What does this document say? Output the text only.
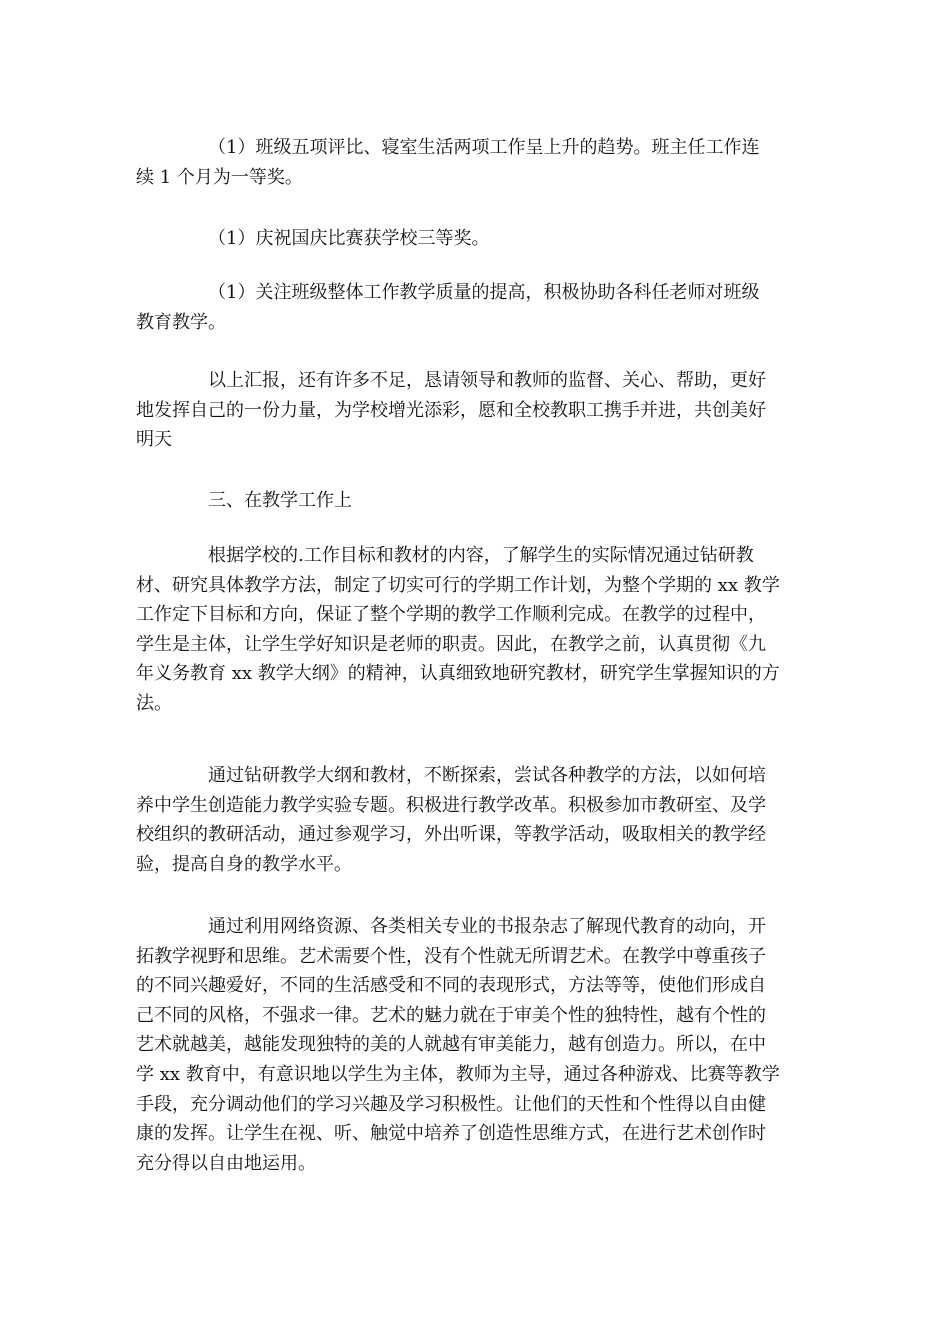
（1）班级五项评比、寝室生活两项工作呈上升的趋势。班主任工作连
续 1 个月为一等奖。
（1）庆祝国庆比赛获学校三等奖。
（1）关注班级整体工作教学质量的提高，积极协助各科任老师对班级
教育教学。
以上汇报，还有许多不足，恳请领导和教师的监督、关心、帮助，更好
地发挥自己的一份力量，为学校增光添彩，愿和全校教职工携手并进，共创美好
明天
三、在教学工作上
根据学校的.工作目标和教材的内容，了解学生的实际情况通过钻研教
材、研究具体教学方法，制定了切实可行的学期工作计划，为整个学期的 xx 教学
工作定下目标和方向，保证了整个学期的教学工作顺利完成。在教学的过程中，
学生是主体，让学生学好知识是老师的职责。因此，在教学之前，认真贯彻《九
年义务教育 xx 教学大纲》的精神，认真细致地研究教材，研究学生掌握知识的方
法。
通过钻研教学大纲和教材，不断探索，尝试各种教学的方法，以如何培
养中学生创造能力教学实验专题。积极进行教学改革。积极参加市教研室、及学
校组织的教研活动，通过参观学习，外出听课，等教学活动，吸取相关的教学经
验，提高自身的教学水平。
通过利用网络资源、各类相关专业的书报杂志了解现代教育的动向，开
拓教学视野和思维。艺术需要个性，没有个性就无所谓艺术。在教学中尊重孩子
的不同兴趣爱好，不同的生活感受和不同的表现形式，方法等等，使他们形成自
己不同的风格，不强求一律。艺术的魅力就在于审美个性的独特性，越有个性的
艺术就越美，越能发现独特的美的人就越有审美能力，越有创造力。所以，在中
学 xx 教育中，有意识地以学生为主体，教师为主导，通过各种游戏、比赛等教学
手段，充分调动他们的学习兴趣及学习积极性。让他们的天性和个性得以自由健
康的发挥。让学生在视、听、触觉中培养了创造性思维方式，在进行艺术创作时
充分得以自由地运用。
